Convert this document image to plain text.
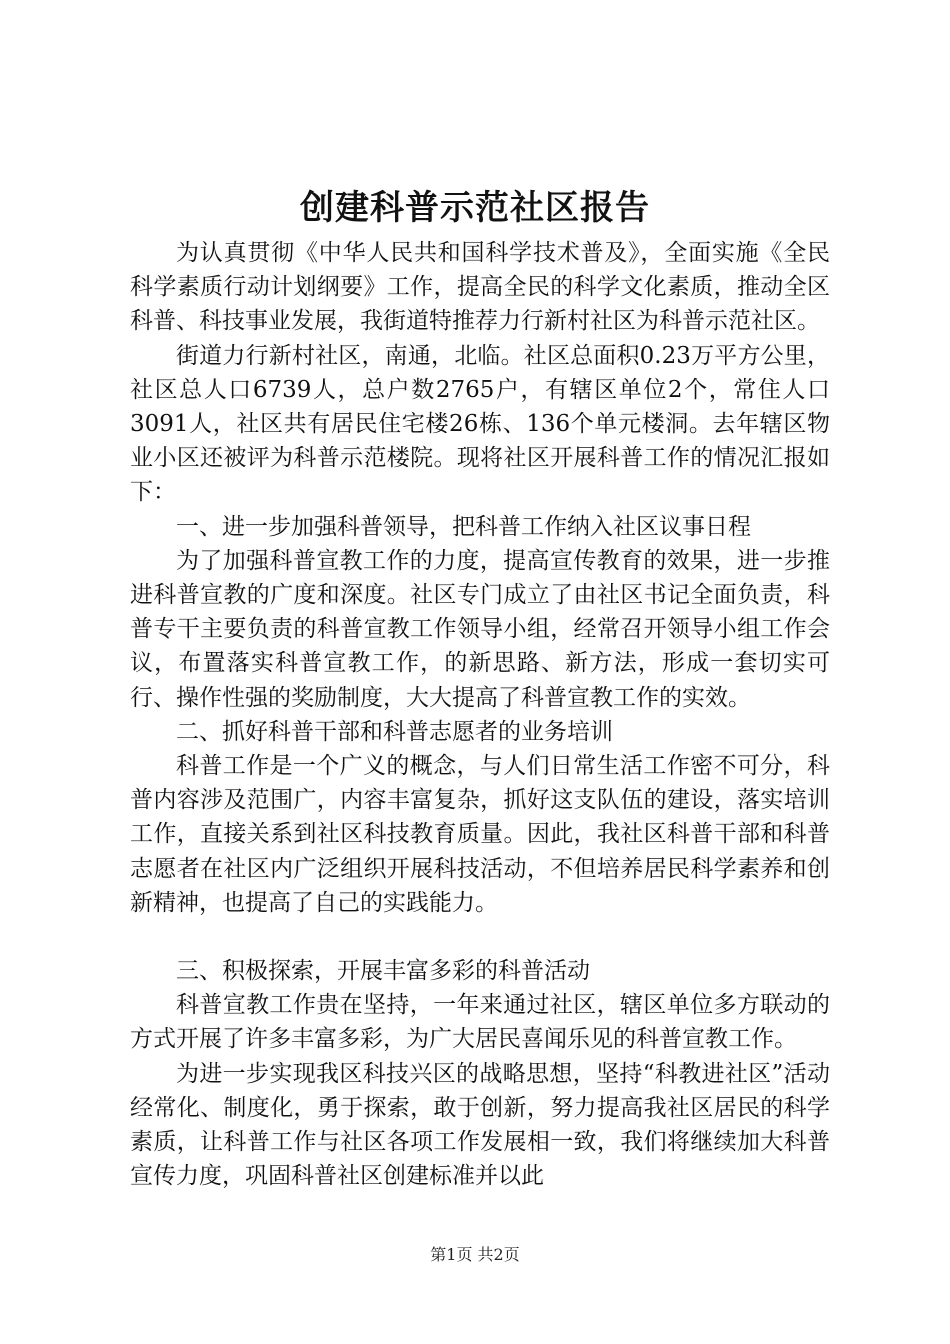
创建科普示范社区报告

为认真贯彻《中华人民共和国科学技术普及》，全面实施《全民科学素质行动计划纲要》工作，提高全民的科学文化素质，推动全区科普、科技事业发展，我街道特推荐力行新村社区为科普示范社区。

街道力行新村社区，南通，北临。社区总面积0.23万平方公里，社区总人口6739人，总户数2765户，有辖区单位2个，常住人口3091人，社区共有居民住宅楼26栋、136个单元楼洞。去年辖区物业小区还被评为科普示范楼院。现将社区开展科普工作的情况汇报如下：

一、进一步加强科普领导，把科普工作纳入社区议事日程

为了加强科普宣教工作的力度，提高宣传教育的效果，进一步推进科普宣教的广度和深度。社区专门成立了由社区书记全面负责，科普专干主要负责的科普宣教工作领导小组，经常召开领导小组工作会议，布置落实科普宣教工作，的新思路、新方法，形成一套切实可行、操作性强的奖励制度，大大提高了科普宣教工作的实效。

二、抓好科普干部和科普志愿者的业务培训

科普工作是一个广义的概念，与人们日常生活工作密不可分，科普内容涉及范围广，内容丰富复杂，抓好这支队伍的建设，落实培训工作，直接关系到社区科技教育质量。因此，我社区科普干部和科普志愿者在社区内广泛组织开展科技活动，不但培养居民科学素养和创新精神，也提高了自己的实践能力。

三、积极探索，开展丰富多彩的科普活动

科普宣教工作贵在坚持，一年来通过社区，辖区单位多方联动的方式开展了许多丰富多彩，为广大居民喜闻乐见的科普宣教工作。

为进一步实现我区科技兴区的战略思想，坚持“科教进社区”活动经常化、制度化，勇于探索，敢于创新，努力提高我社区居民的科学素质，让科普工作与社区各项工作发展相一致，我们将继续加大科普宣传力度，巩固科普社区创建标准并以此

第1页 共2页
